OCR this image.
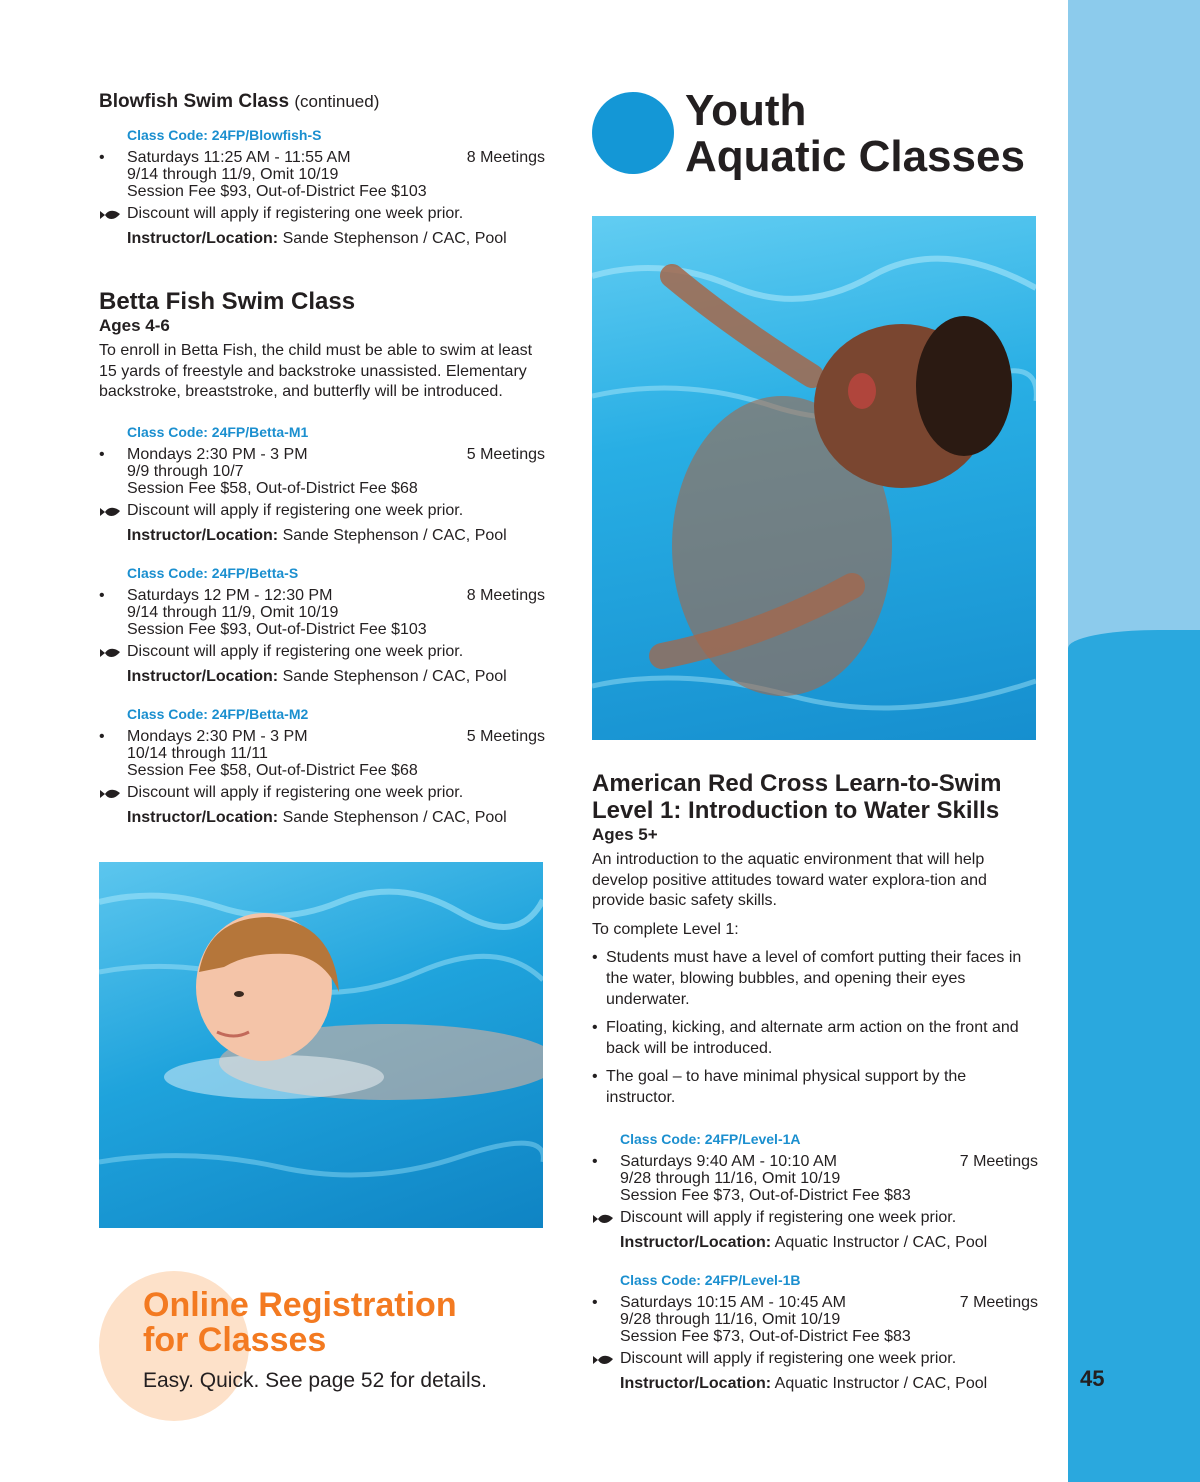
45
Blowfish Swim Class (continued)
Class Code: 24FP/Blowfish-S
• Saturdays 11:25 AM - 11:55 AM	8 Meetings
9/14 through 11/9, Omit 10/19
Session Fee $93, Out-of-District Fee $103
Discount will apply if registering one week prior.
Instructor/Location: Sande Stephenson / CAC, Pool
Betta Fish Swim Class
Ages 4-6
To enroll in Betta Fish, the child must be able to swim at least 15 yards of freestyle and backstroke unassisted. Elementary backstroke, breaststroke, and butterfly will be introduced.
Class Code: 24FP/Betta-M1
• Mondays 2:30 PM - 3 PM	5 Meetings
9/9 through 10/7
Session Fee $58, Out-of-District Fee $68
Discount will apply if registering one week prior.
Instructor/Location: Sande Stephenson / CAC, Pool
Class Code: 24FP/Betta-S
• Saturdays 12 PM - 12:30 PM	8 Meetings
9/14 through 11/9, Omit 10/19
Session Fee $93, Out-of-District Fee $103
Discount will apply if registering one week prior.
Instructor/Location: Sande Stephenson / CAC, Pool
Class Code: 24FP/Betta-M2
• Mondays 2:30 PM - 3 PM	5 Meetings
10/14 through 11/11
Session Fee $58, Out-of-District Fee $68
Discount will apply if registering one week prior.
Instructor/Location: Sande Stephenson / CAC, Pool
Online Registration
for Classes
Easy. Quick. See page 52 for details.
Youth
Aquatic Classes
American Red Cross Learn-to-Swim
Level 1: Introduction to Water Skills
Ages 5+

An introduction to the aquatic environment that will help develop positive attitudes toward water explora-tion and provide basic safety skills.

To complete Level 1:

• Students must have a level of comfort putting their faces in the water, blowing bubbles, and opening their eyes underwater.
• Floating, kicking, and alternate arm action on the front and back will be introduced.
• The goal – to have minimal physical support by the instructor.
Class Code: 24FP/Level-1A
• Saturdays 9:40 AM - 10:10 AM	7 Meetings
9/28 through 11/16, Omit 10/19
Session Fee $73, Out-of-District Fee $83
Discount will apply if registering one week prior.
Instructor/Location: Aquatic Instructor / CAC, Pool
Class Code: 24FP/Level-1B
• Saturdays 10:15 AM - 10:45 AM	7 Meetings
9/28 through 11/16, Omit 10/19
Session Fee $73, Out-of-District Fee $83
Discount will apply if registering one week prior.
Instructor/Location: Aquatic Instructor / CAC, Pool
